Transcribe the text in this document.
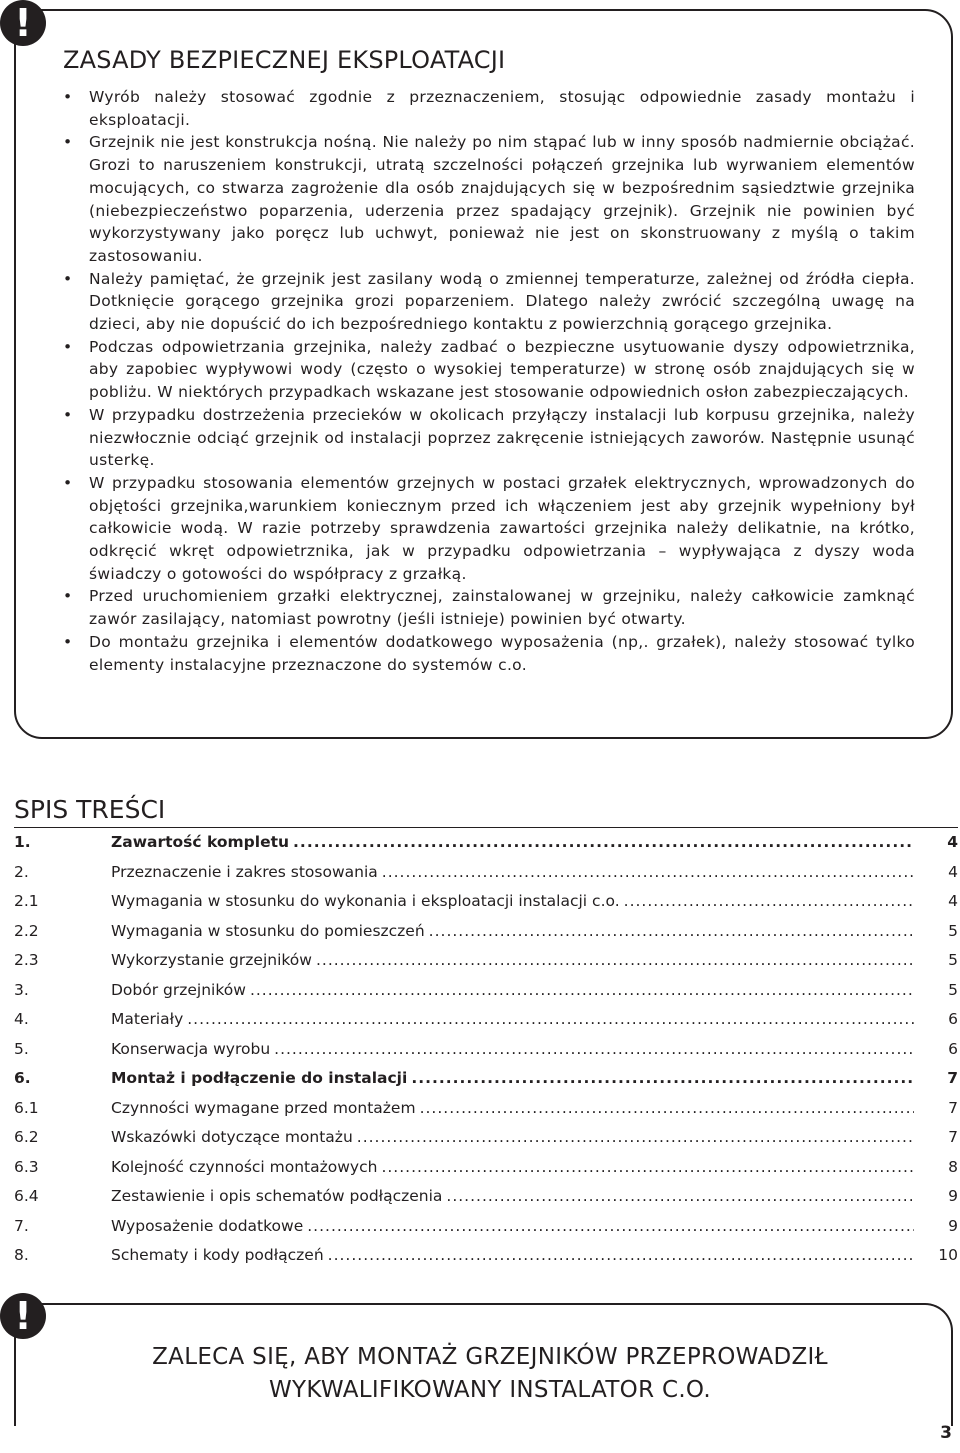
!
ZASADY BEZPIECZNEJ EKSPLOATACJI
• Wyrób należy stosować zgodnie z przeznaczeniem, stosując odpowiednie zasady montażu i eksploatacji.
• Grzejnik nie jest konstrukcja nośną. Nie należy po nim stąpać lub w inny sposób nadmiernie obciążać. Grozi to naruszeniem konstrukcji, utratą szczelności połączeń grzejnika lub wyrwaniem elementów mocujących, co stwarza zagrożenie dla osób znajdujących się w bezpośrednim sąsiedztwie grzejnika (niebezpieczeństwo poparzenia, uderzenia przez spadający grzejnik). Grzejnik nie powinien być wykorzystywany jako poręcz lub uchwyt, ponieważ nie jest on skonstruowany z myślą o takim zastosowaniu.
• Należy pamiętać, że grzejnik jest zasilany wodą o zmiennej temperaturze, zależnej od źródła ciepła. Dotknięcie gorącego grzejnika grozi poparzeniem. Dlatego należy zwrócić szczególną uwagę na dzieci, aby nie dopuścić do ich bezpośredniego kontaktu z powierzchnią gorącego grzejnika.
• Podczas odpowietrzania grzejnika, należy zadbać o bezpieczne usytuowanie dyszy odpowietrznika, aby zapobiec wypływowi wody (często o wysokiej temperaturze) w stronę osób znajdujących się w pobliżu. W niektórych przypadkach wskazane jest stosowanie odpowiednich osłon zabezpieczających.
• W przypadku dostrzeżenia przecieków w okolicach przyłączy instalacji lub korpusu grzejnika, należy niezwłocznie odciąć grzejnik od instalacji poprzez zakręcenie istniejących zaworów. Następnie usunąć usterkę.
• W przypadku stosowania elementów grzejnych w postaci grzałek elektrycznych, wprowadzonych do objętości grzejnika,warunkiem koniecznym przed ich włączeniem jest aby grzejnik wypełniony był całkowicie wodą. W razie potrzeby sprawdzenia zawartości grzejnika należy delikatnie, na krótko, odkręcić wkręt odpowietrznika, jak w przypadku odpowietrzania – wypływająca z dyszy woda świadczy o gotowości do współpracy z grzałką.
• Przed uruchomieniem grzałki elektrycznej, zainstalowanej w grzejniku, należy całkowicie zamknąć zawór zasilający, natomiast powrotny (jeśli istnieje) powinien być otwarty.
• Do montażu grzejnika i elementów dodatkowego wyposażenia (np,. grzałek), należy stosować tylko elementy instalacyjne przeznaczone do systemów c.o.
SPIS TREŚCI
1.	Zawartość kompletu .....	4
2.	Przeznaczenie i zakres stosowania .....	4
2.1	Wymagania w stosunku do wykonania i eksploatacji instalacji c.o. .....	4
2.2	Wymagania w stosunku do pomieszczeń .....	5
2.3	Wykorzystanie grzejników .....	5
3.	Dobór grzejników .....	5
4.	Materiały .....	6
5.	Konserwacja wyrobu .....	6
6.	Montaż i podłączenie do instalacji .....	7
6.1	Czynności wymagane przed montażem .....	7
6.2	Wskazówki dotyczące montażu .....	7
6.3	Kolejność czynności montażowych .....	8
6.4	Zestawienie i opis schematów podłączenia .....	9
7.	Wyposażenie dodatkowe .....	9
8.	Schematy i kody podłączeń .....	10
!
ZALECA SIĘ, ABY MONTAŻ GRZEJNIKÓW PRZEPROWADZIŁ
WYKWALIFIKOWANY INSTALATOR C.O.
3
